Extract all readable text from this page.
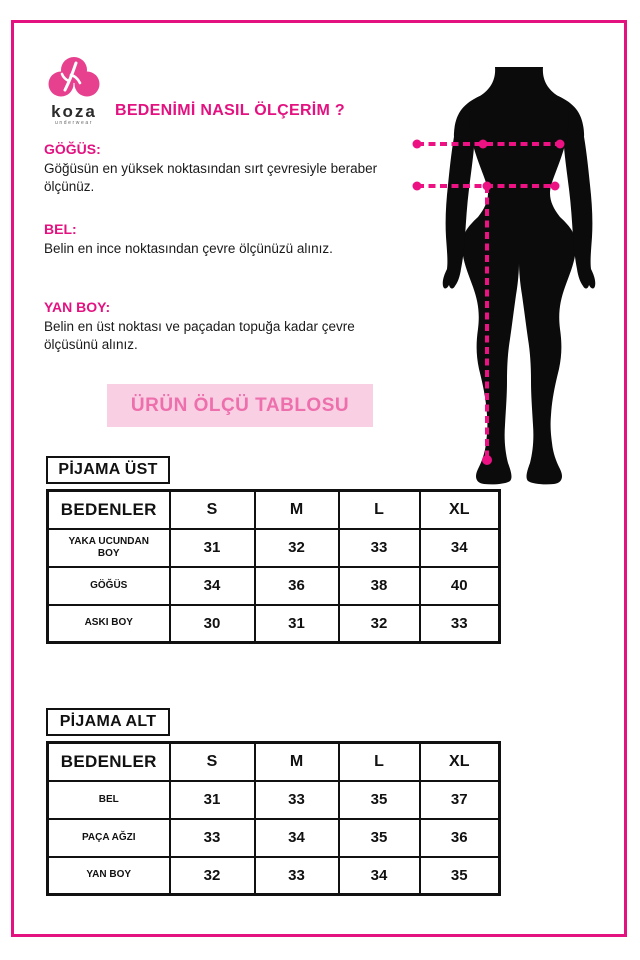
koza
underwear
BEDENİMİ NASIL ÖLÇERİM ?
GÖĞÜS:
Göğüsün en yüksek noktasından sırt çevresiyle beraber ölçünüz.
BEL:
Belin en ince noktasından çevre ölçünüzü alınız.
YAN BOY:
Belin en üst noktası ve paçadan topuğa kadar çevre ölçüsünü alınız.
ÜRÜN ÖLÇÜ TABLOSU
PİJAMA ÜST
BEDENLER	S	M	L	XL
YAKA UCUNDAN BOY	31	32	33	34
GÖĞÜS	34	36	38	40
ASKI BOY	30	31	32	33
PİJAMA ALT
BEDENLER	S	M	L	XL
BEL	31	33	35	37
PAÇA AĞZI	33	34	35	36
YAN BOY	32	33	34	35
